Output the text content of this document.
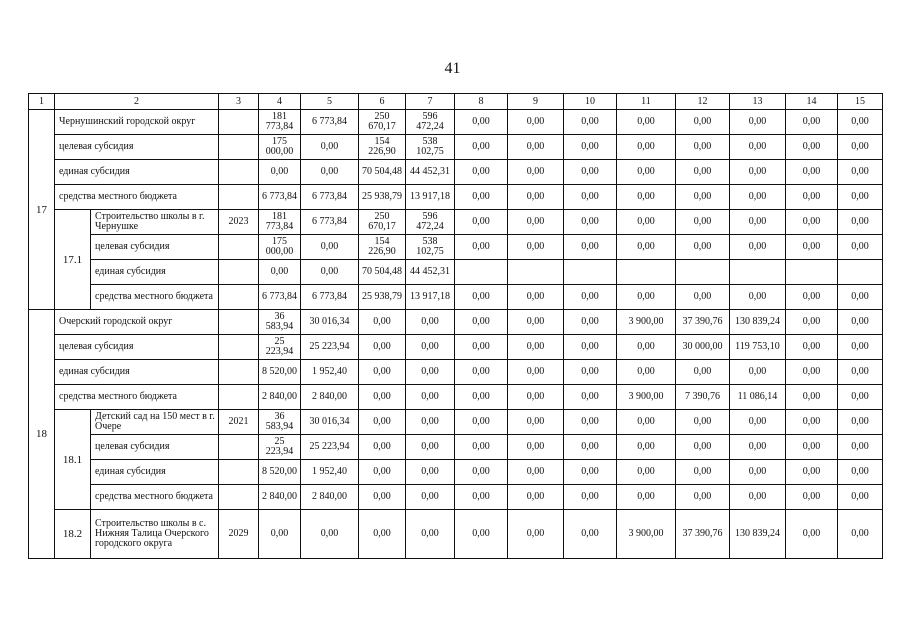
41
1	2		3	4	5	6	7	8	9	10	11	12	13	14	15
17	Чернушинский городской округ			181 773,84	6 773,84	250 670,17	596 472,24	0,00	0,00	0,00	0,00	0,00	0,00	0,00	0,00
	целевая субсидия			175 000,00	0,00	154 226,90	538 102,75	0,00	0,00	0,00	0,00	0,00	0,00	0,00	0,00
	единая субсидия			0,00	0,00	70 504,48	44 452,31	0,00	0,00	0,00	0,00	0,00	0,00	0,00	0,00
	средства местного бюджета			6 773,84	6 773,84	25 938,79	13 917,18	0,00	0,00	0,00	0,00	0,00	0,00	0,00	0,00
	17.1	Строительство школы в г. Чернушке	2023	181 773,84	6 773,84	250 670,17	596 472,24	0,00	0,00	0,00	0,00	0,00	0,00	0,00	0,00
		целевая субсидия		175 000,00	0,00	154 226,90	538 102,75	0,00	0,00	0,00	0,00	0,00	0,00	0,00	0,00
		единая субсидия		0,00	0,00	70 504,48	44 452,31								
		средства местного бюджета		6 773,84	6 773,84	25 938,79	13 917,18	0,00	0,00	0,00	0,00	0,00	0,00	0,00	0,00
18	Очерский городской округ			36 583,94	30 016,34	0,00	0,00	0,00	0,00	0,00	3 900,00	37 390,76	130 839,24	0,00	0,00
	целевая субсидия			25 223,94	25 223,94	0,00	0,00	0,00	0,00	0,00	0,00	30 000,00	119 753,10	0,00	0,00
	единая субсидия			8 520,00	1 952,40	0,00	0,00	0,00	0,00	0,00	0,00	0,00	0,00	0,00	0,00
	средства местного бюджета			2 840,00	2 840,00	0,00	0,00	0,00	0,00	0,00	3 900,00	7 390,76	11 086,14	0,00	0,00
	18.1	Детский сад на 150 мест в г. Очере	2021	36 583,94	30 016,34	0,00	0,00	0,00	0,00	0,00	0,00	0,00	0,00	0,00	0,00
		целевая субсидия		25 223,94	25 223,94	0,00	0,00	0,00	0,00	0,00	0,00	0,00	0,00	0,00	0,00
		единая субсидия		8 520,00	1 952,40	0,00	0,00	0,00	0,00	0,00	0,00	0,00	0,00	0,00	0,00
		средства местного бюджета		2 840,00	2 840,00	0,00	0,00	0,00	0,00	0,00	0,00	0,00	0,00	0,00	0,00
	18.2	Строительство школы в с. Нижняя Талица Очерского городского округа	2029	0,00	0,00	0,00	0,00	0,00	0,00	0,00	3 900,00	37 390,76	130 839,24	0,00	0,00
